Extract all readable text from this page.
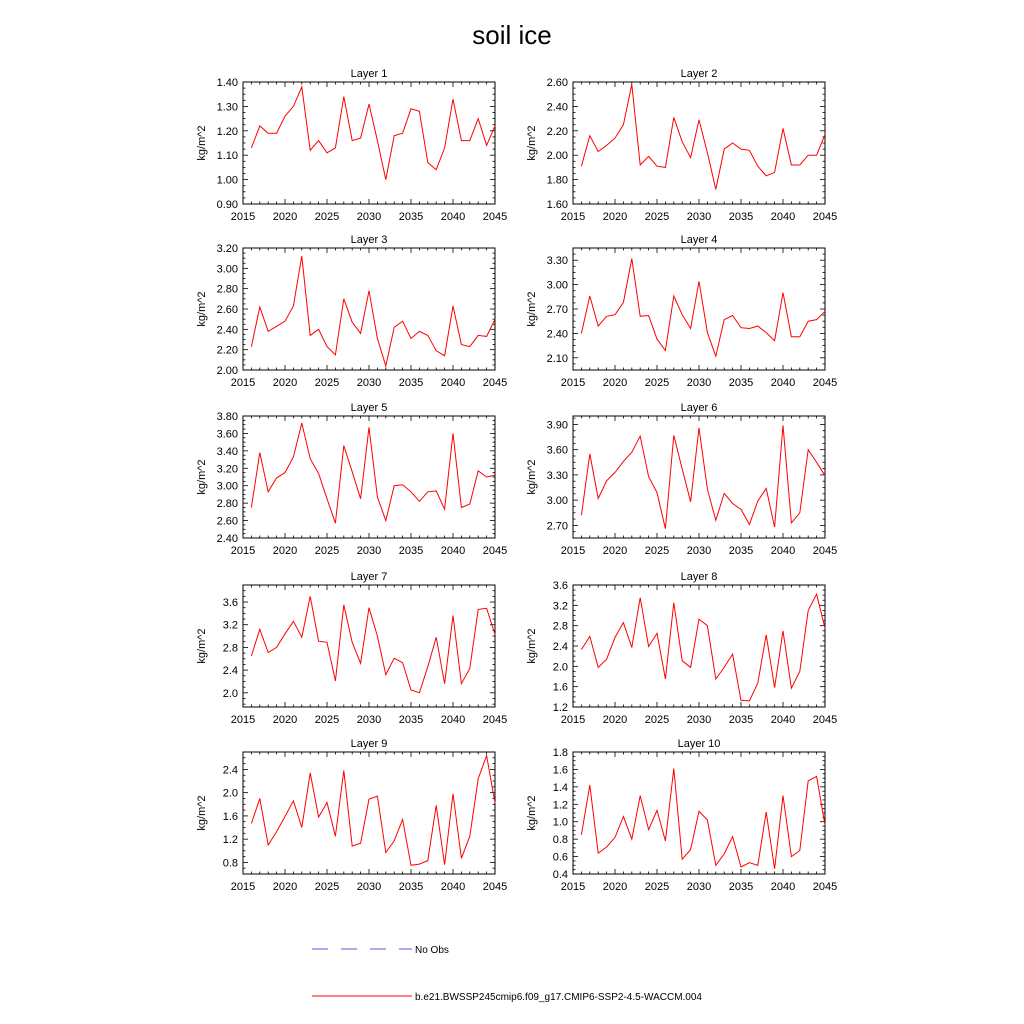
soil ice
Layer 1
kg/m^2
2015 2020 2025 2030 2035 2040 2045
0.90
1.00
1.10
1.20
1.30
1.40
Layer 2
kg/m^2
2015 2020 2025 2030 2035 2040 2045
1.60
1.80
2.00
2.20
2.40
2.60
Layer 3
kg/m^2
2015 2020 2025 2030 2035 2040 2045
2.00
2.20
2.40
2.60
2.80
3.00
3.20
Layer 4
kg/m^2
2015 2020 2025 2030 2035 2040 2045
2.10
2.40
2.70
3.00
3.30
Layer 5
kg/m^2
2015 2020 2025 2030 2035 2040 2045
2.40
2.60
2.80
3.00
3.20
3.40
3.60
3.80
Layer 6
kg/m^2
2015 2020 2025 2030 2035 2040 2045
2.70
3.00
3.30
3.60
3.90
Layer 7
kg/m^2
2015 2020 2025 2030 2035 2040 2045
2.0
2.4
2.8
3.2
3.6
Layer 8
kg/m^2
2015 2020 2025 2030 2035 2040 2045
1.2
1.6
2.0
2.4
2.8
3.2
3.6
Layer 9
kg/m^2
2015 2020 2025 2030 2035 2040 2045
0.8
1.2
1.6
2.0
2.4
Layer 10
kg/m^2
2015 2020 2025 2030 2035 2040 2045
0.4
0.6
0.8
1.0
1.2
1.4
1.6
1.8
No Obs
b.e21.BWSSP245cmip6.f09_g17.CMIP6-SSP2-4.5-WACCM.004
